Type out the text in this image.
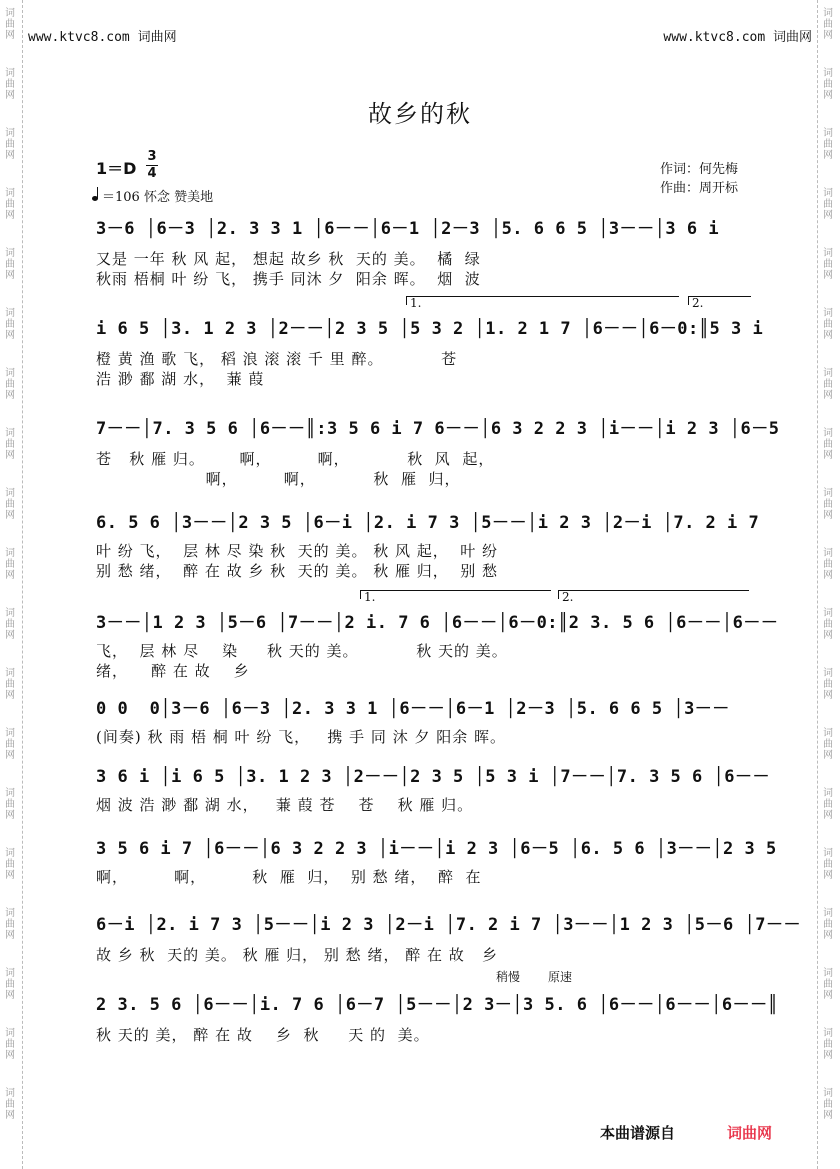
词
曲
网
词
曲
网
词
曲
网
词
曲
网
词
曲
网
词
曲
网
词
曲
网
词
曲
网
词
曲
网
词
曲
网
词
曲
网
词
曲
网
词
曲
网
词
曲
网
词
曲
网
词
曲
网
词
曲
网
词
曲
网
词
曲
网
词
曲
网
词
曲
网
词
曲
网
词
曲
网
词
曲
网
词
曲
网
词
曲
网
词
曲
网
词
曲
网
词
曲
网
词
曲
网
词
曲
网
词
曲
网
词
曲
网
词
曲
网
词
曲
网
词
曲
网
词
曲
网
词
曲
网
www.ktvc8.com 词曲网	www.ktvc8.com 词曲网
故乡的秋
1＝D
3
4
＝106 怀念 赞美地
作词：何先梅
作曲：周开标
3－6 │6－3 │2. 3 3 1 │6－－│6－1 │2－3 │5. 6 6 5 │3－－│3 6 i
又是 一年 秋 风 起， 想起 故乡 秋  天的 美。  橘  绿
秋雨 梧桐 叶 纷 飞， 携手 同沐 夕  阳余 晖。  烟  波
1.	2.
i 6 5 │3. 1 2 3 │2－－│2 3 5 │5 3 2 │1. 2 1 7 │6－－│6－0:║5 3 i
橙 黄 渔 歌 飞， 稻 浪 滚 滚 千 里 醉。          苍
浩 渺 鄱 湖 水，  蒹 葭
7－－│7. 3 5 6 │6－－║:3 5 6 i 7 6－－│6 3 2 2 3 │i－－│i 2 3 │6－5
苍   秋 雁 归。      啊，        啊，          秋  风  起，
啊，        啊，          秋  雁  归，
6. 5 6 │3－－│2 3 5 │6－i │2. i 7 3 │5－－│i 2 3 │2－i │7. 2 i 7
叶 纷 飞，  层 林 尽 染 秋  天的 美。 秋 风 起，  叶 纷
别 愁 绪，  醉 在 故 乡 秋  天的 美。 秋 雁 归，  别 愁
1.	2.
3－－│1 2 3 │5－6 │7－－│2 i. 7 6 │6－－│6－0:║2 3. 5 6 │6－－│6－－
飞，  层 林 尽    染     秋 天的 美。          秋 天的 美。
绪，    醉 在 故    乡
0 0  0│3－6 │6－3 │2. 3 3 1 │6－－│6－1 │2－3 │5. 6 6 5 │3－－
(间奏) 秋 雨 梧 桐 叶 纷 飞，   携 手 同 沐 夕 阳余 晖。
3 6 i │i 6 5 │3. 1 2 3 │2－－│2 3 5 │5 3 i │7－－│7. 3 5 6 │6－－
烟 波 浩 渺 鄱 湖 水，   蒹 葭 苍    苍    秋 雁 归。
3 5 6 i 7 │6－－│6 3 2 2 3 │i－－│i 2 3 │6－5 │6. 5 6 │3－－│2 3 5
啊，        啊，        秋  雁  归，  别 愁 绪，  醉  在
6－i │2. i 7 3 │5－－│i 2 3 │2－i │7. 2 i 7 │3－－│1 2 3 │5－6 │7－－
故 乡 秋  天的 美。 秋 雁 归， 别 愁 绪， 醉 在 故   乡
稍慢 原速
2 3. 5 6 │6－－│i. 7 6 │6－7 │5－－│2 3－│3 5. 6 │6－－│6－－│6－－║
秋 天的 美， 醉 在 故    乡  秋     天 的  美。
本曲谱源自	词曲网
